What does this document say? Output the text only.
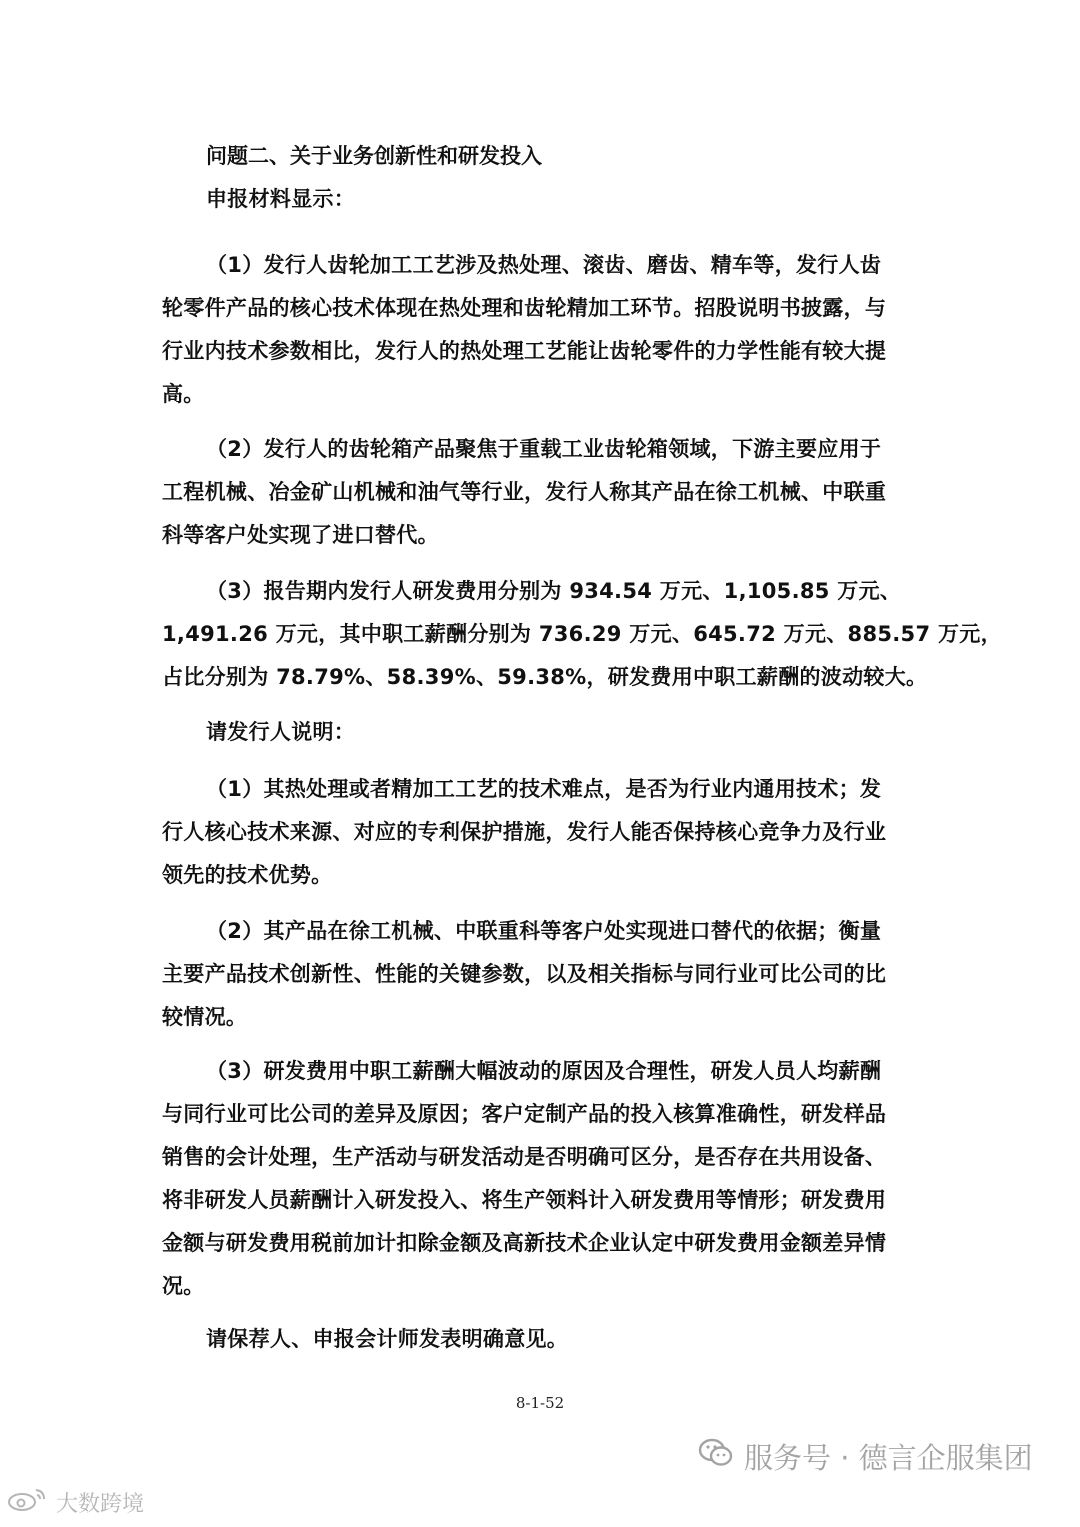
问题二、关于业务创新性和研发投入

申报材料显示：

（1）发行人齿轮加工工艺涉及热处理、滚齿、磨齿、精车等，发行人齿

轮零件产品的核心技术体现在热处理和齿轮精加工环节。招股说明书披露，与

行业内技术参数相比，发行人的热处理工艺能让齿轮零件的力学性能有较大提

高。

（2）发行人的齿轮箱产品聚焦于重载工业齿轮箱领域，下游主要应用于

工程机械、冶金矿山机械和油气等行业，发行人称其产品在徐工机械、中联重

科等客户处实现了进口替代。

（3）报告期内发行人研发费用分别为 934.54 万元、1,105.85 万元、

1,491.26 万元，其中职工薪酬分别为 736.29 万元、645.72 万元、885.57 万元，

占比分别为 78.79%、58.39%、59.38%，研发费用中职工薪酬的波动较大。

请发行人说明：

（1）其热处理或者精加工工艺的技术难点，是否为行业内通用技术；发

行人核心技术来源、对应的专利保护措施，发行人能否保持核心竞争力及行业

领先的技术优势。

（2）其产品在徐工机械、中联重科等客户处实现进口替代的依据；衡量

主要产品技术创新性、性能的关键参数，以及相关指标与同行业可比公司的比

较情况。

（3）研发费用中职工薪酬大幅波动的原因及合理性，研发人员人均薪酬

与同行业可比公司的差异及原因；客户定制产品的投入核算准确性，研发样品

销售的会计处理，生产活动与研发活动是否明确可区分，是否存在共用设备、

将非研发人员薪酬计入研发投入、将生产领料计入研发费用等情形；研发费用

金额与研发费用税前加计扣除金额及高新技术企业认定中研发费用金额差异情

况。

请保荐人、申报会计师发表明确意见。

8-1-52
服务号 · 德言企服集团
大数跨境
